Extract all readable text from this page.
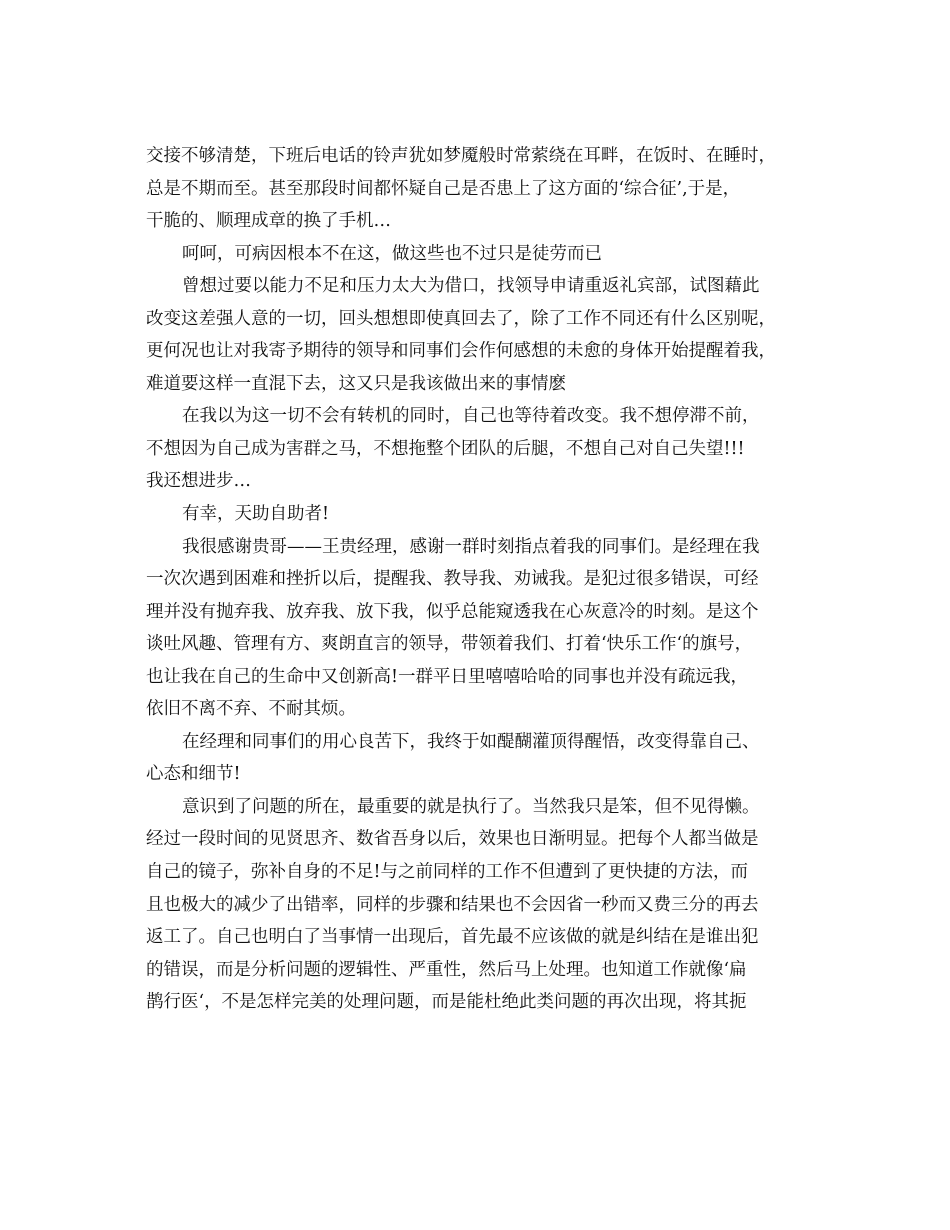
交接不够清楚，下班后电话的铃声犹如梦魇般时常萦绕在耳畔，在饭时、在睡时，
总是不期而至。甚至那段时间都怀疑自己是否患上了这方面的‘综合征’,于是，
干脆的、顺理成章的换了手机…
呵呵，可病因根本不在这，做这些也不过只是徒劳而已
曾想过要以能力不足和压力太大为借口，找领导申请重返礼宾部，试图藉此
改变这差强人意的一切，回头想想即使真回去了，除了工作不同还有什么区别呢，
更何况也让对我寄予期待的领导和同事们会作何感想的未愈的身体开始提醒着我，
难道要这样一直混下去，这又只是我该做出来的事情麽
在我以为这一切不会有转机的同时，自己也等待着改变。我不想停滞不前，
不想因为自己成为害群之马，不想拖整个团队的后腿，不想自己对自己失望!!!
我还想进步…
有幸，天助自助者!
我很感谢贵哥——王贵经理，感谢一群时刻指点着我的同事们。是经理在我
一次次遇到困难和挫折以后，提醒我、教导我、劝诫我。是犯过很多错误，可经
理并没有抛弃我、放弃我、放下我，似乎总能窥透我在心灰意冷的时刻。是这个
谈吐风趣、管理有方、爽朗直言的领导，带领着我们、打着‘快乐工作‘的旗号，
也让我在自己的生命中又创新高!一群平日里嘻嘻哈哈的同事也并没有疏远我，
依旧不离不弃、不耐其烦。
在经理和同事们的用心良苦下，我终于如醍醐灌顶得醒悟，改变得靠自己、
心态和细节!
意识到了问题的所在，最重要的就是执行了。当然我只是笨，但不见得懒。
经过一段时间的见贤思齐、数省吾身以后，效果也日渐明显。把每个人都当做是
自己的镜子，弥补自身的不足!与之前同样的工作不但遭到了更快捷的方法，而
且也极大的减少了出错率，同样的步骤和结果也不会因省一秒而又费三分的再去
返工了。自己也明白了当事情一出现后，首先最不应该做的就是纠结在是谁出犯
的错误，而是分析问题的逻辑性、严重性，然后马上处理。也知道工作就像‘扁
鹊行医‘，不是怎样完美的处理问题，而是能杜绝此类问题的再次出现，将其扼
